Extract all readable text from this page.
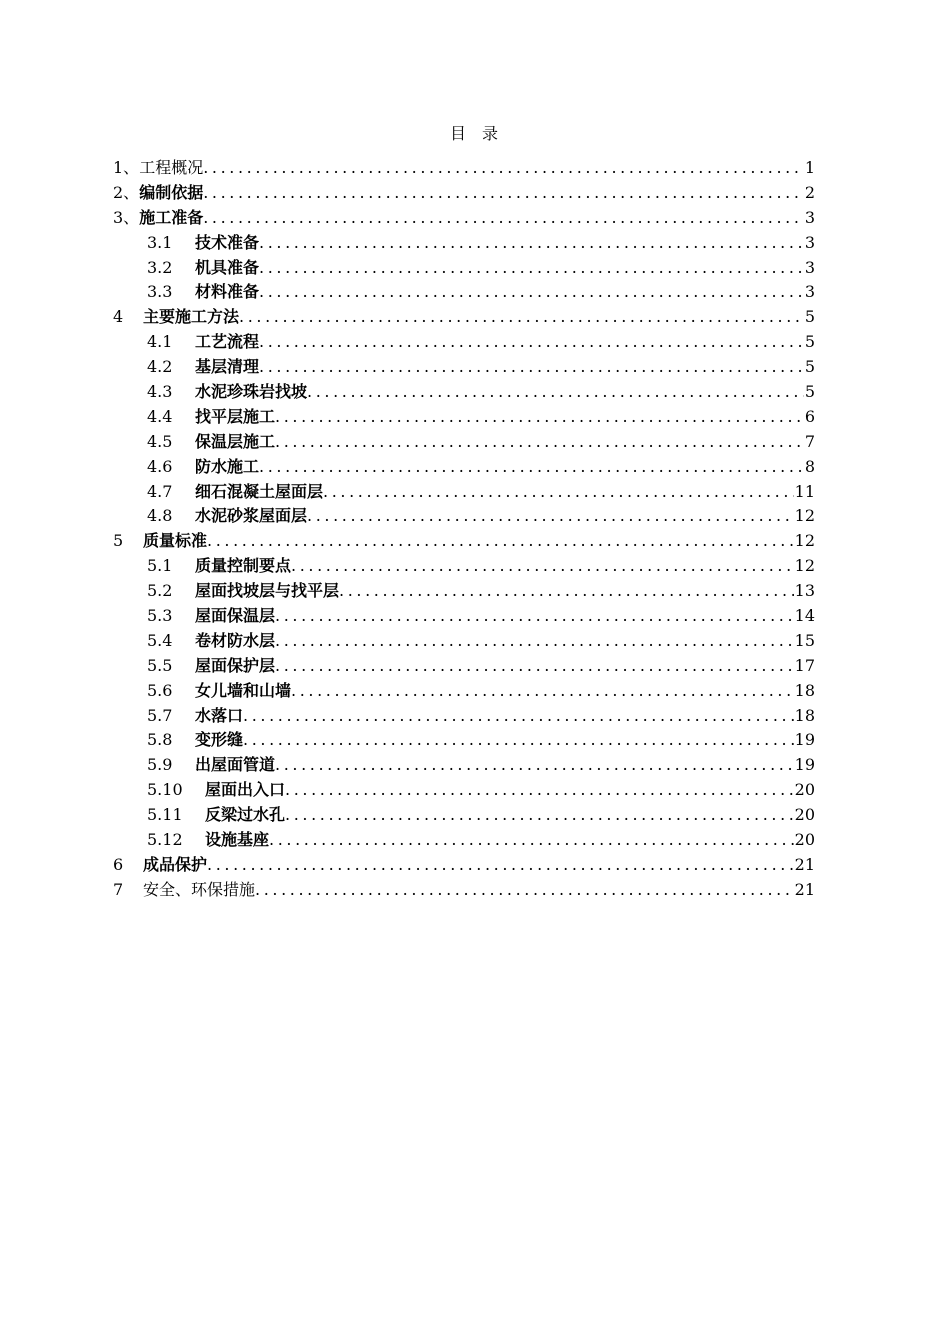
目 录
1、 工程概况 .....	1
2、 编制依据 .....	2
3、 施工准备 .....	3
3.1	技术准备 .....	3
3.2	机具准备 .....	3
3.3	材料准备 .....	3
4	主要施工方法 .....	5
4.1	工艺流程 .....	5
4.2	基层清理 .....	5
4.3	水泥珍珠岩找坡 .....	5
4.4	找平层施工 .....	6
4.5	保温层施工 .....	7
4.6	防水施工 .....	8
4.7	细石混凝土屋面层 .....	11
4.8	水泥砂浆屋面层 .....	12
5	质量标准 .....	12
5.1	质量控制要点 .....	12
5.2	屋面找坡层与找平层 .....	13
5.3	屋面保温层 .....	14
5.4	卷材防水层 .....	15
5.5	屋面保护层 .....	17
5.6	女儿墙和山墙 .....	18
5.7	水落口 .....	18
5.8	变形缝 .....	19
5.9	出屋面管道 .....	19
5.10	屋面出入口 .....	20
5.11	反梁过水孔 .....	20
5.12	设施基座 .....	20
6	成品保护 .....	21
7	安全、环保措施 .....	21
